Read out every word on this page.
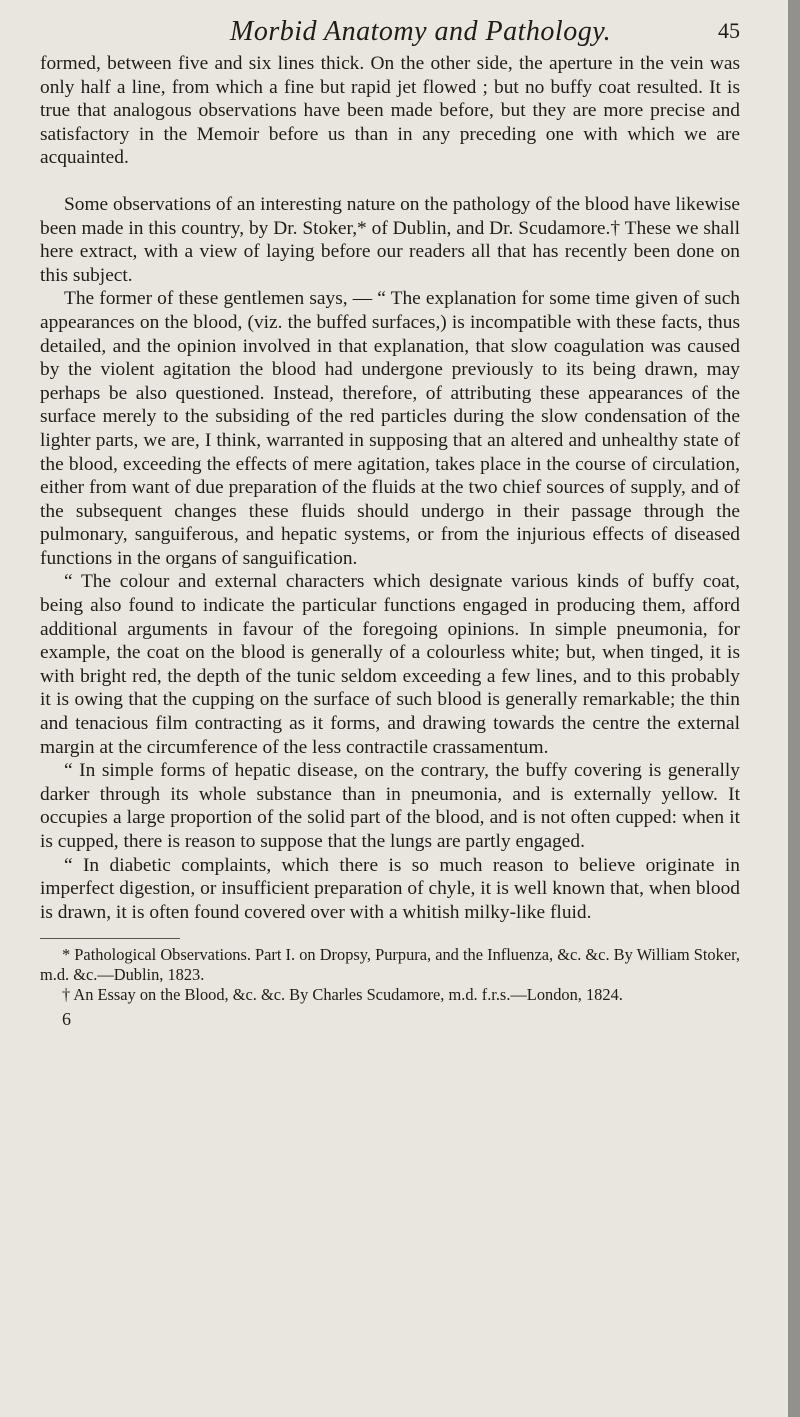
Morbid Anatomy and Pathology.	45

formed, between five and six lines thick. On the other side, the aperture in the vein was only half a line, from which a fine but rapid jet flowed ; but no buffy coat resulted. It is true that analogous observations have been made before, but they are more precise and satisfactory in the Memoir before us than in any preceding one with which we are acquainted.

Some observations of an interesting nature on the pathology of the blood have likewise been made in this country, by Dr. Stoker,* of Dublin, and Dr. Scudamore.† These we shall here extract, with a view of laying before our readers all that has recently been done on this subject.

The former of these gentlemen says, — “ The explanation for some time given of such appearances on the blood, (viz. the buffed surfaces,) is incompatible with these facts, thus detailed, and the opinion involved in that explanation, that slow coagulation was caused by the violent agitation the blood had undergone previously to its being drawn, may perhaps be also questioned. Instead, therefore, of attributing these appearances of the surface merely to the subsiding of the red particles during the slow condensation of the lighter parts, we are, I think, warranted in supposing that an altered and unhealthy state of the blood, exceeding the effects of mere agitation, takes place in the course of circulation, either from want of due preparation of the fluids at the two chief sources of supply, and of the subsequent changes these fluids should undergo in their passage through the pulmonary, sanguiferous, and hepatic systems, or from the injurious effects of diseased functions in the organs of sanguification.

“ The colour and external characters which designate various kinds of buffy coat, being also found to indicate the particular functions engaged in producing them, afford additional arguments in favour of the foregoing opinions. In simple pneumonia, for example, the coat on the blood is generally of a colourless white; but, when tinged, it is with bright red, the depth of the tunic seldom exceeding a few lines, and to this probably it is owing that the cupping on the surface of such blood is generally remarkable; the thin and tenacious film contracting as it forms, and drawing towards the centre the external margin at the circumference of the less contractile crassamentum.

“ In simple forms of hepatic disease, on the contrary, the buffy covering is generally darker through its whole substance than in pneumonia, and is externally yellow. It occupies a large proportion of the solid part of the blood, and is not often cupped: when it is cupped, there is reason to suppose that the lungs are partly engaged.

“ In diabetic complaints, which there is so much reason to believe originate in imperfect digestion, or insufficient preparation of chyle, it is well known that, when blood is drawn, it is often found covered over with a whitish milky-like fluid.

* Pathological Observations. Part I. on Dropsy, Purpura, and the Influenza, &c. &c. By William Stoker, m.d. &c.—Dublin, 1823.

† An Essay on the Blood, &c. &c. By Charles Scudamore, m.d. f.r.s.—London, 1824.

6
